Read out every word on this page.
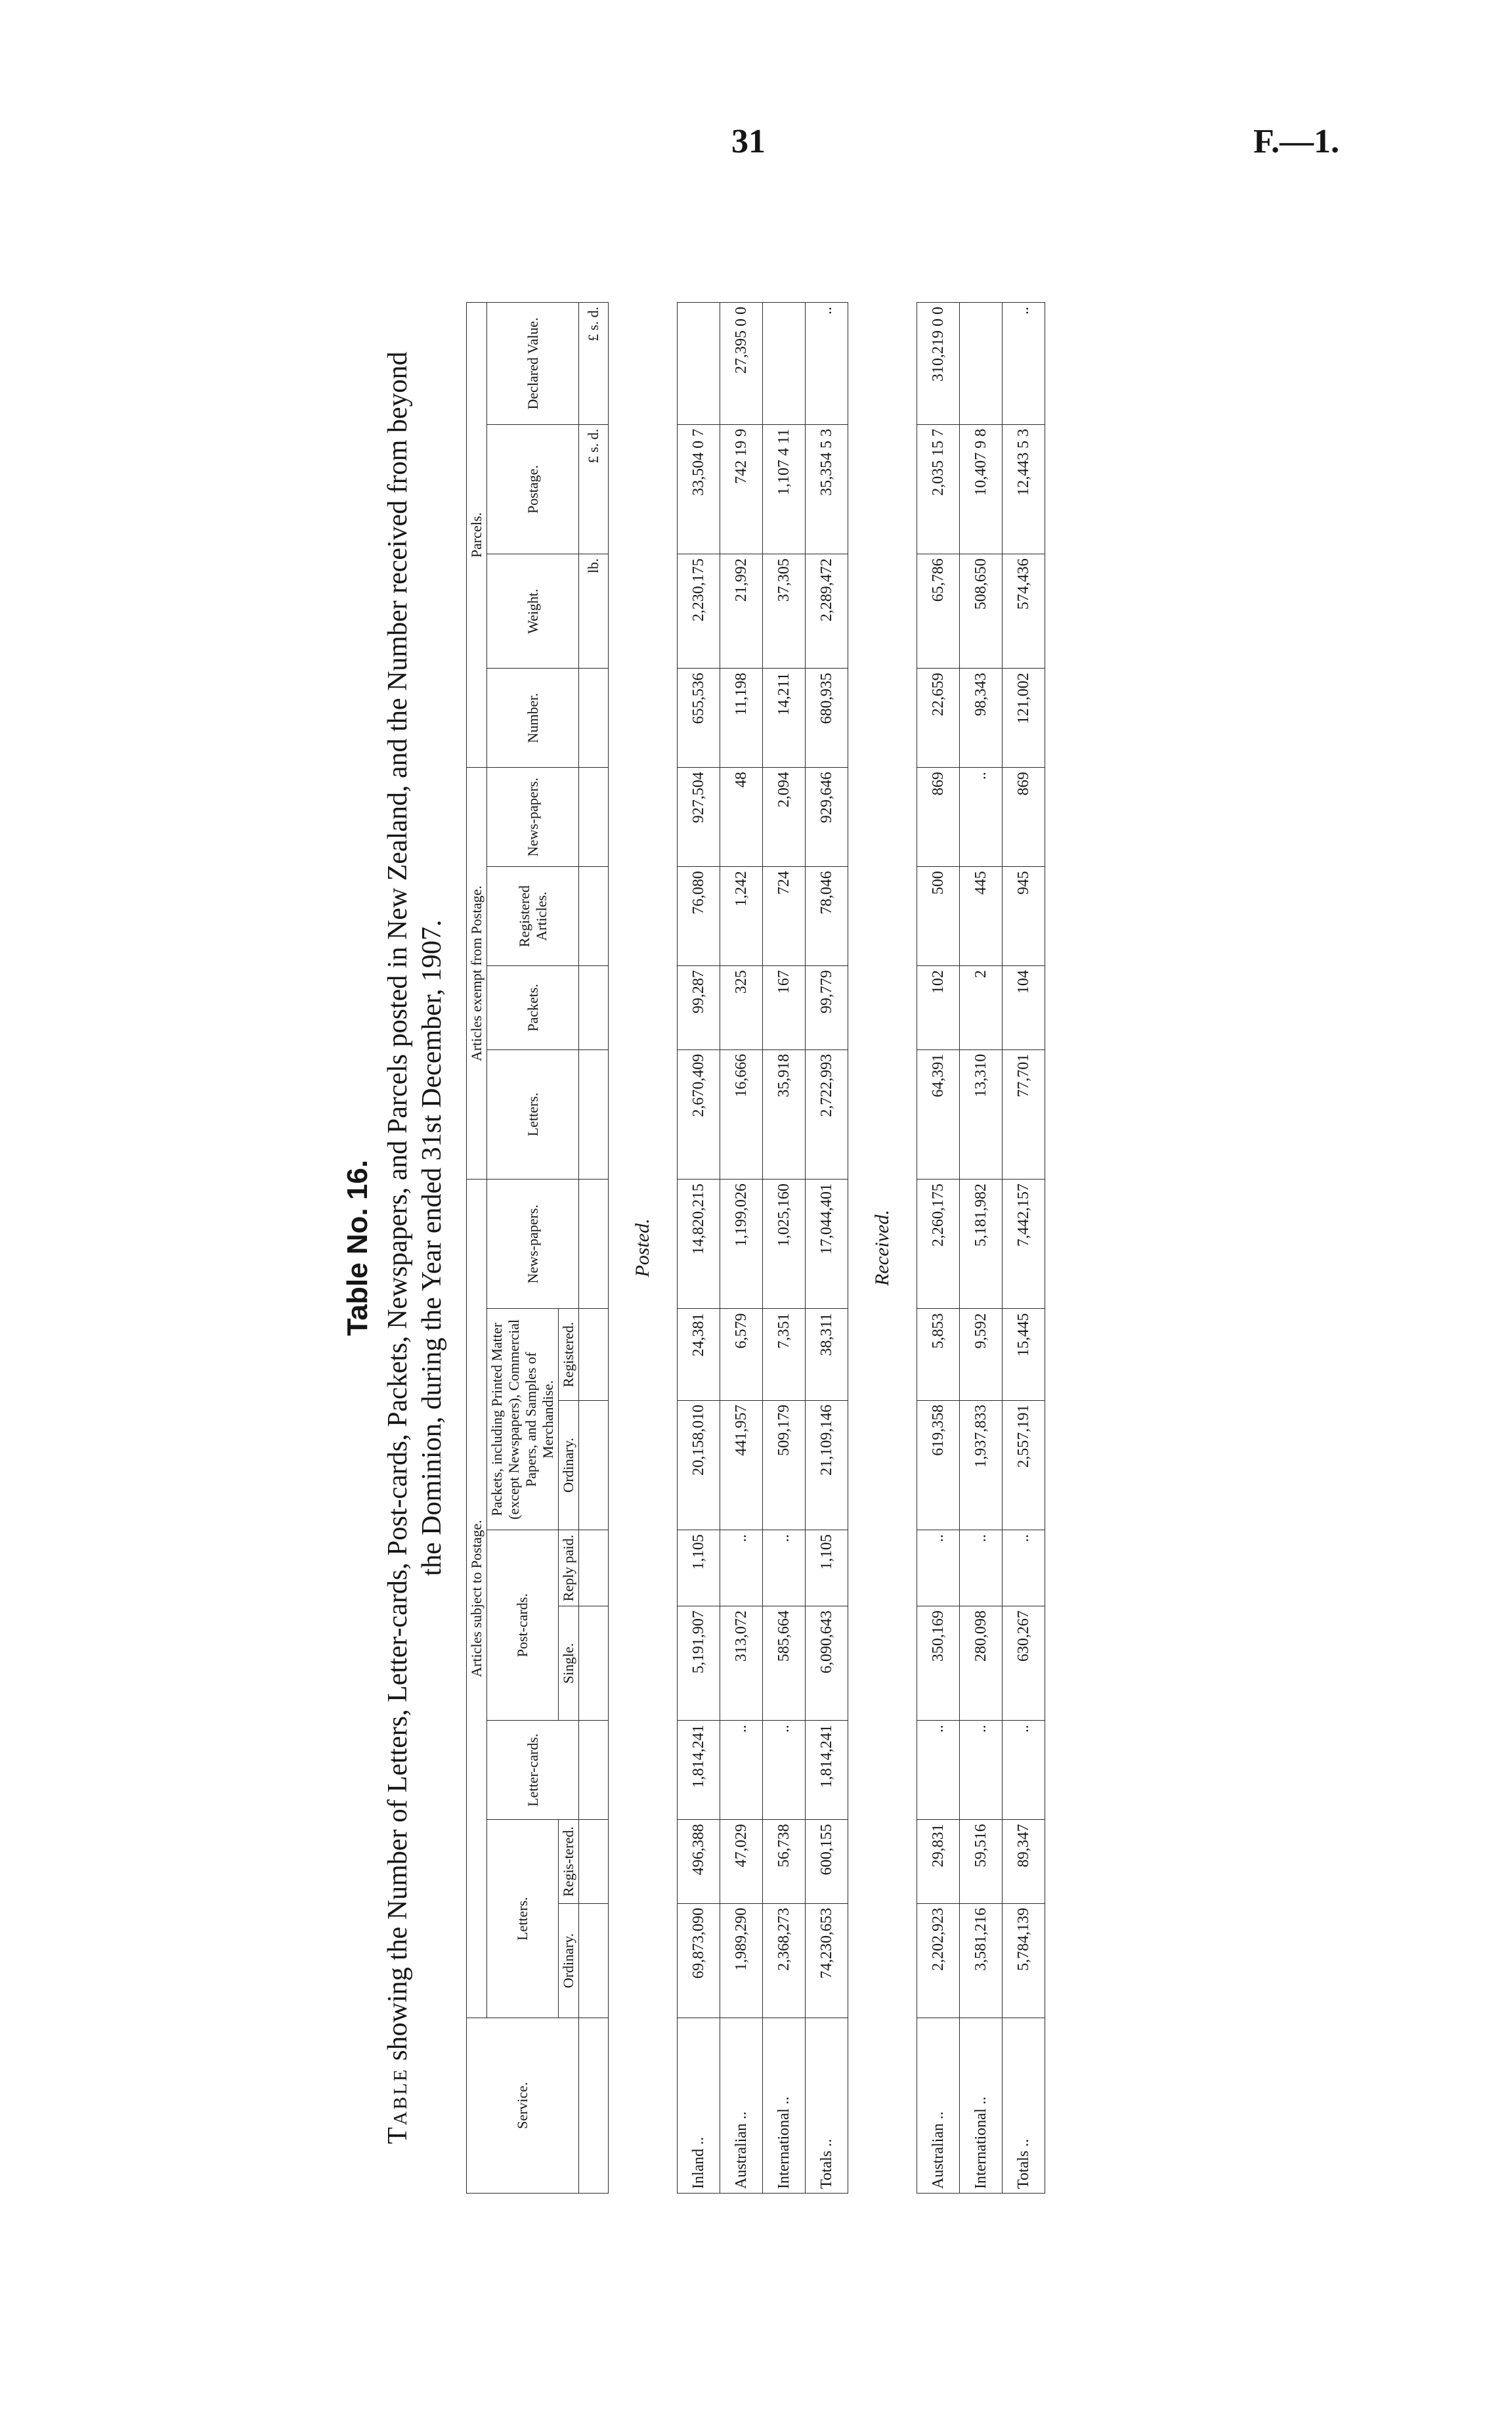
31	F.—1.
Table No. 16.
Table showing the Number of Letters, Letter-cards, Post-cards, Packets, Newspapers, and Parcels posted in New Zealand, and the Number received from beyond the Dominion, during the Year ended 31st December, 1907.
Service.	Articles subject to Postage.								Articles exempt from Postage.				Parcels.			
	Letters.		Letter-cards.	Post-cards.		Packets, including Printed Matter (except Newspapers), Commercial Papers, and Samples of Merchandise.		News-papers.	Letters.	Packets.	Registered Articles.	News-papers.	Number.	Weight.	Postage.	Declared Value.
	Ordinary.	Regis-tered.		Single.	Reply paid.	Ordinary.	Registered.									
														lb.	£ s. d.	£ s. d.
Posted.																
Inland ..	69,873,090	496,388	1,814,241	5,191,907	1,105	20,158,010	24,381	14,820,215	2,670,409	99,287	76,080	927,504	655,536	2,230,175	33,504 0 7	
Australian ..	1,989,290	47,029	..	313,072	..	441,957	6,579	1,199,026	16,666	325	1,242	48	11,198	21,992	742 19 9	27,395 0 0
International ..	2,368,273	56,738	..	585,664	..	509,179	7,351	1,025,160	35,918	167	724	2,094	14,211	37,305	1,107 4 11	
Totals ..	74,230,653	600,155	1,814,241	6,090,643	1,105	21,109,146	38,311	17,044,401	2,722,993	99,779	78,046	929,646	680,935	2,289,472	35,354 5 3	..
Received.																
Australian ..	2,202,923	29,831	..	350,169	..	619,358	5,853	2,260,175	64,391	102	500	869	22,659	65,786	2,035 15 7	310,219 0 0
International ..	3,581,216	59,516	..	280,098	..	1,937,833	9,592	5,181,982	13,310	2	445	..	98,343	508,650	10,407 9 8	
Totals ..	5,784,139	89,347	..	630,267	..	2,557,191	15,445	7,442,157	77,701	104	945	869	121,002	574,436	12,443 5 3	..
